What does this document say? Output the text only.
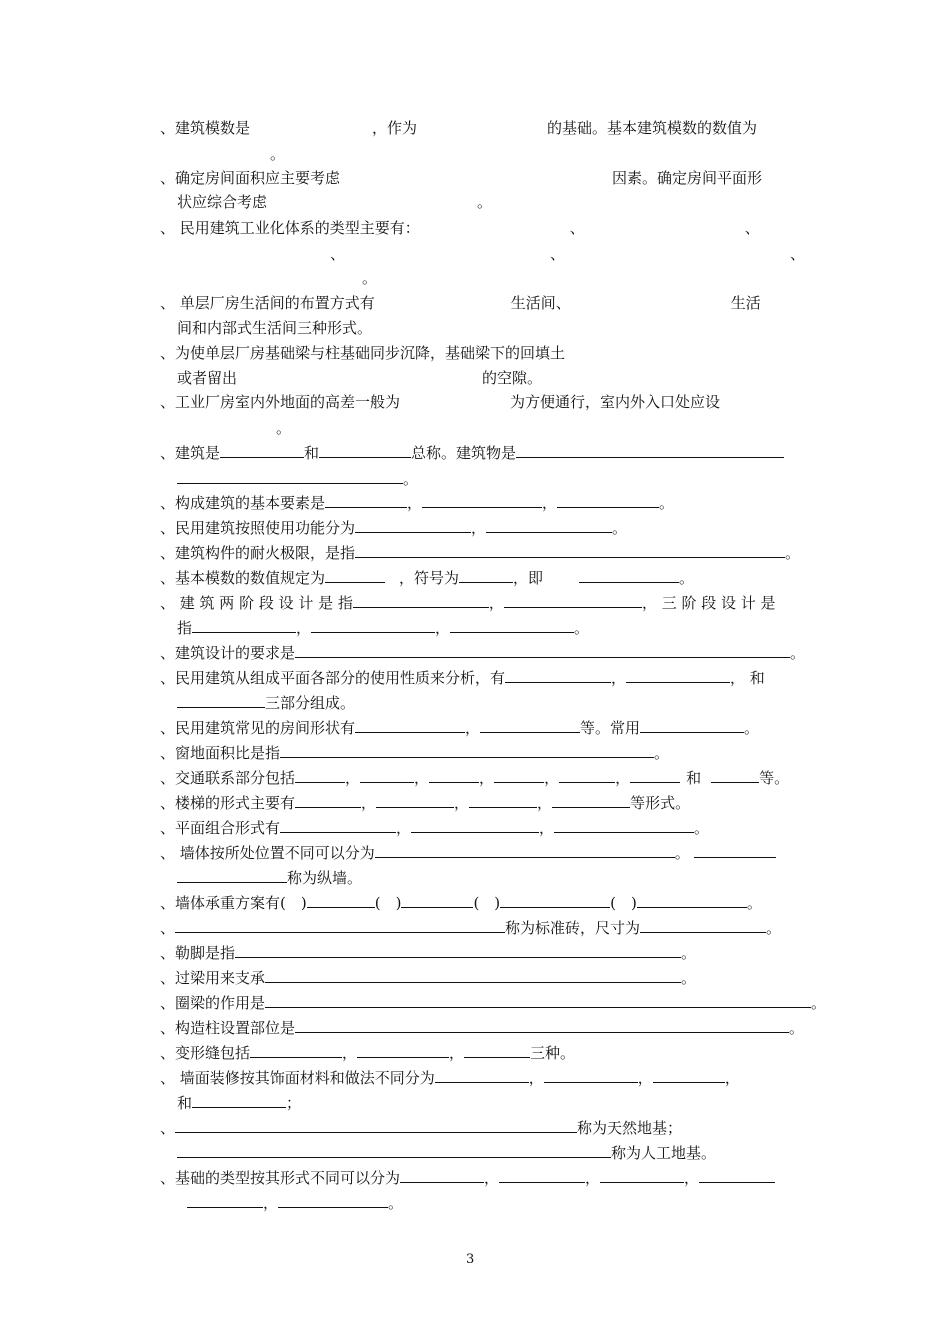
、建筑模数是	，作为	的基础。基本建筑模数的数值为
。
、确定房间面积应主要考虑	因素。确定房间平面形
状应综合考虑	。
、 民用建筑工业化体系的类型主要有：	、	、
、	、	、
。
、 单层厂房生活间的布置方式有	生活间、	生活
间和内部式生活间三种形式。
、为使单层厂房基础梁与柱基础同步沉降，基础梁下的回填土
或者留出	的空隙。
、工业厂房室内外地面的高差一般为	为方便通行，室内外入口处应设
。
、建筑是	和	总称。建筑物是
。
、构成建筑的基本要素是	，	，	。
、民用建筑按照使用功能分为	，	。
、建筑构件的耐火极限，是指	。
、基本模数的数值规定为	，符号为	，即	。
、 建 筑 两 阶 段 设 计 是 指	，	， 三 阶 段 设 计 是
指	，	，	。
、建筑设计的要求是	。
、民用建筑从组成平面各部分的使用性质来分析，有	，	， 和
三部分组成。
、民用建筑常见的房间形状有	，	等。常用	。
、窗地面积比是指	。
、交通联系部分包括	，	，	，	，	，	和	等。
、楼梯的形式主要有	，	，	，	等形式。
、平面组合形式有	，	，	。
、 墙体按所处位置不同可以分为	。
称为纵墙。
、墙体承重方案有(　)	(　)	(　)	(　)	。
、	称为标准砖，尺寸为	。
、勒脚是指	。
、过梁用来支承	。
、圈梁的作用是	。
、构造柱设置部位是	。
、变形缝包括	，	，	三种。
、 墙面装修按其饰面材料和做法不同分为	，	，	，
和	；
、	称为天然地基；
称为人工地基。
、基础的类型按其形式不同可以分为	，	，	，
，	。
3
